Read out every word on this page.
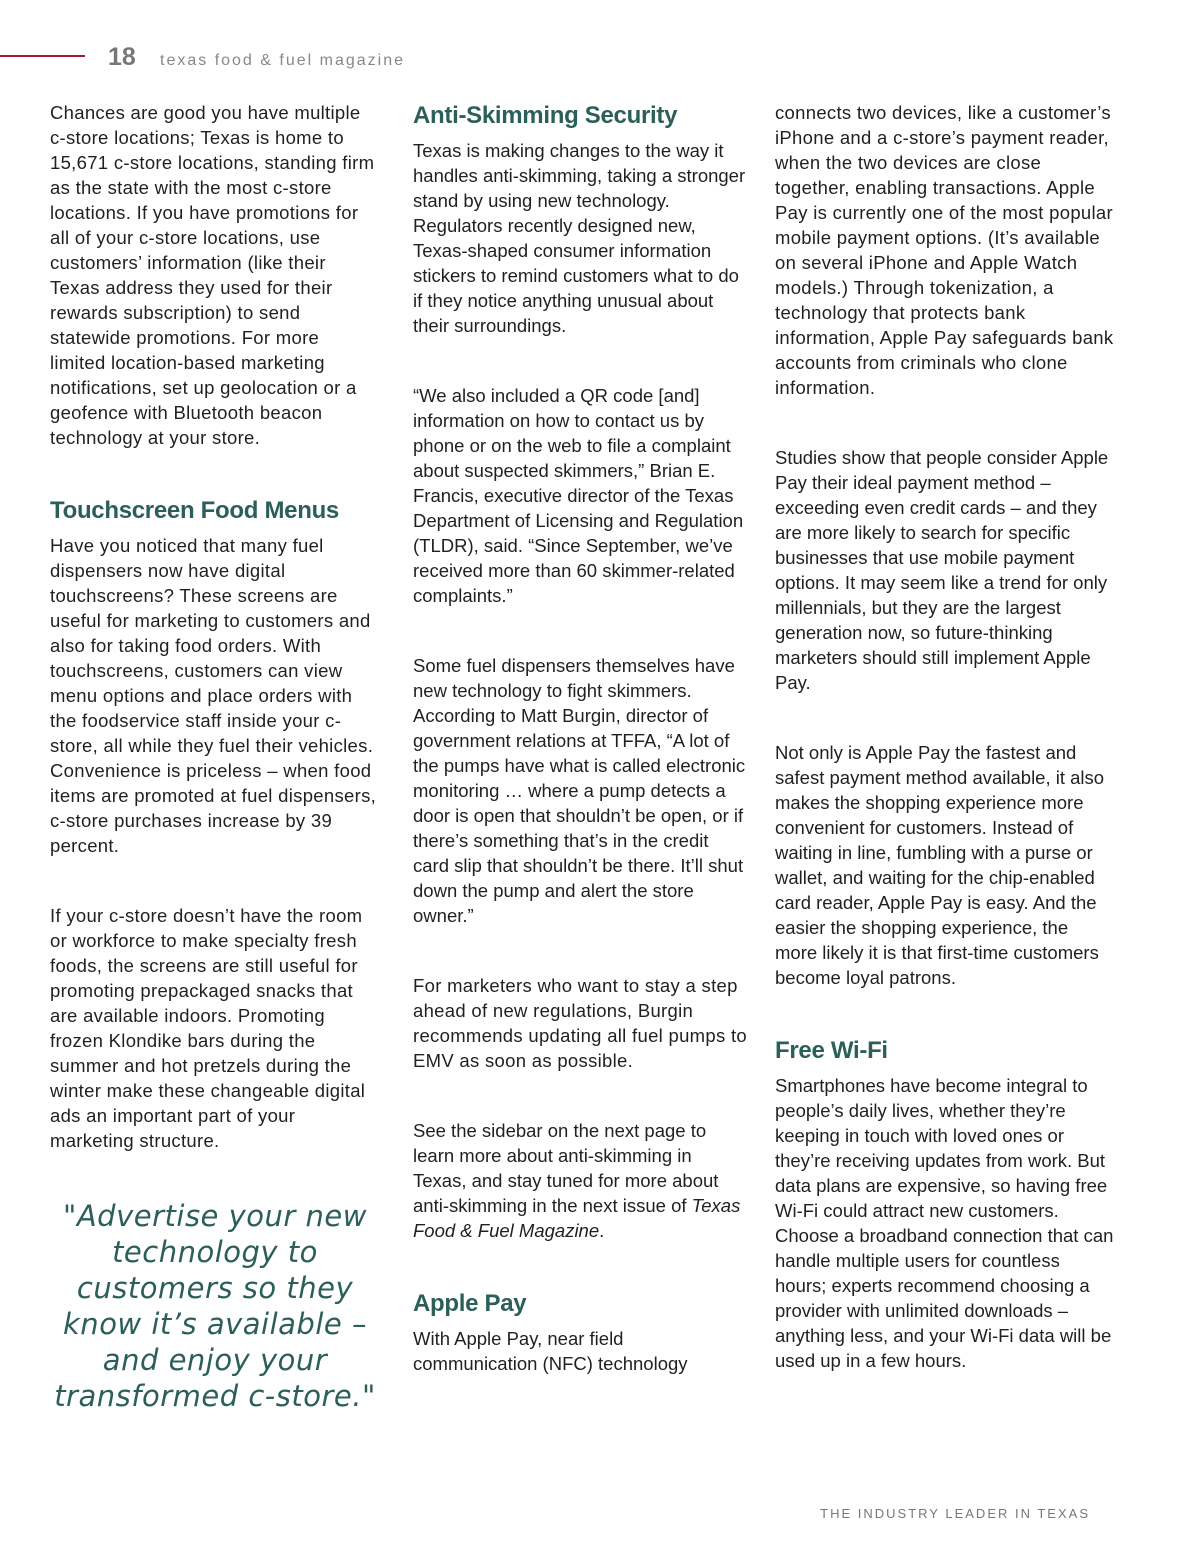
18 texas food & fuel magazine

Chances are good you have multiple c-store locations; Texas is home to 15,671 c-store locations, standing firm as the state with the most c-store locations. If you have promotions for all of your c-store locations, use customers’ information (like their Texas address they used for their rewards subscription) to send statewide promotions. For more limited location-based marketing notifications, set up geolocation or a geofence with Bluetooth beacon technology at your store.

Touchscreen Food Menus

Have you noticed that many fuel dispensers now have digital touchscreens? These screens are useful for marketing to customers and also for taking food orders. With touchscreens, customers can view menu options and place orders with the foodservice staff inside your c-store, all while they fuel their vehicles. Convenience is priceless – when food items are promoted at fuel dispensers, c-store purchases increase by 39 percent.

If your c-store doesn’t have the room or workforce to make specialty fresh foods, the screens are still useful for promoting prepackaged snacks that are available indoors. Promoting frozen Klondike bars during the summer and hot pretzels during the winter make these changeable digital ads an important part of your marketing structure.

"Advertise your new technology to customers so they know it’s available – and enjoy your transformed c-store."
Anti-Skimming Security

Texas is making changes to the way it handles anti-skimming, taking a stronger stand by using new technology. Regulators recently designed new, Texas-shaped consumer information stickers to remind customers what to do if they notice anything unusual about their surroundings.

“We also included a QR code [and] information on how to contact us by phone or on the web to file a complaint about suspected skimmers,” Brian E. Francis, executive director of the Texas Department of Licensing and Regulation (TLDR), said. “Since September, we’ve received more than 60 skimmer-related complaints.”

Some fuel dispensers themselves have new technology to fight skimmers. According to Matt Burgin, director of government relations at TFFA, “A lot of the pumps have what is called electronic monitoring … where a pump detects a door is open that shouldn’t be open, or if there’s something that’s in the credit card slip that shouldn’t be there. It’ll shut down the pump and alert the store owner.”

For marketers who want to stay a step ahead of new regulations, Burgin recommends updating all fuel pumps to EMV as soon as possible.

See the sidebar on the next page to learn more about anti-skimming in Texas, and stay tuned for more about anti-skimming in the next issue of Texas Food & Fuel Magazine.

Apple Pay

With Apple Pay, near field communication (NFC) technology

connects two devices, like a customer’s iPhone and a c-store’s payment reader, when the two devices are close together, enabling transactions. Apple Pay is currently one of the most popular mobile payment options. (It’s available on several iPhone and Apple Watch models.) Through tokenization, a technology that protects bank information, Apple Pay safeguards bank accounts from criminals who clone information.

Studies show that people consider Apple Pay their ideal payment method – exceeding even credit cards – and they are more likely to search for specific businesses that use mobile payment options. It may seem like a trend for only millennials, but they are the largest generation now, so future-thinking marketers should still implement Apple Pay.

Not only is Apple Pay the fastest and safest payment method available, it also makes the shopping experience more convenient for customers. Instead of waiting in line, fumbling with a purse or wallet, and waiting for the chip-enabled card reader, Apple Pay is easy. And the easier the shopping experience, the more likely it is that first-time customers become loyal patrons.

Free Wi-Fi

Smartphones have become integral to people’s daily lives, whether they’re keeping in touch with loved ones or they’re receiving updates from work. But data plans are expensive, so having free Wi-Fi could attract new customers. Choose a broadband connection that can handle multiple users for countless hours; experts recommend choosing a provider with unlimited downloads – anything less, and your Wi-Fi data will be used up in a few hours.

THE INDUSTRY LEADER IN TEXAS
